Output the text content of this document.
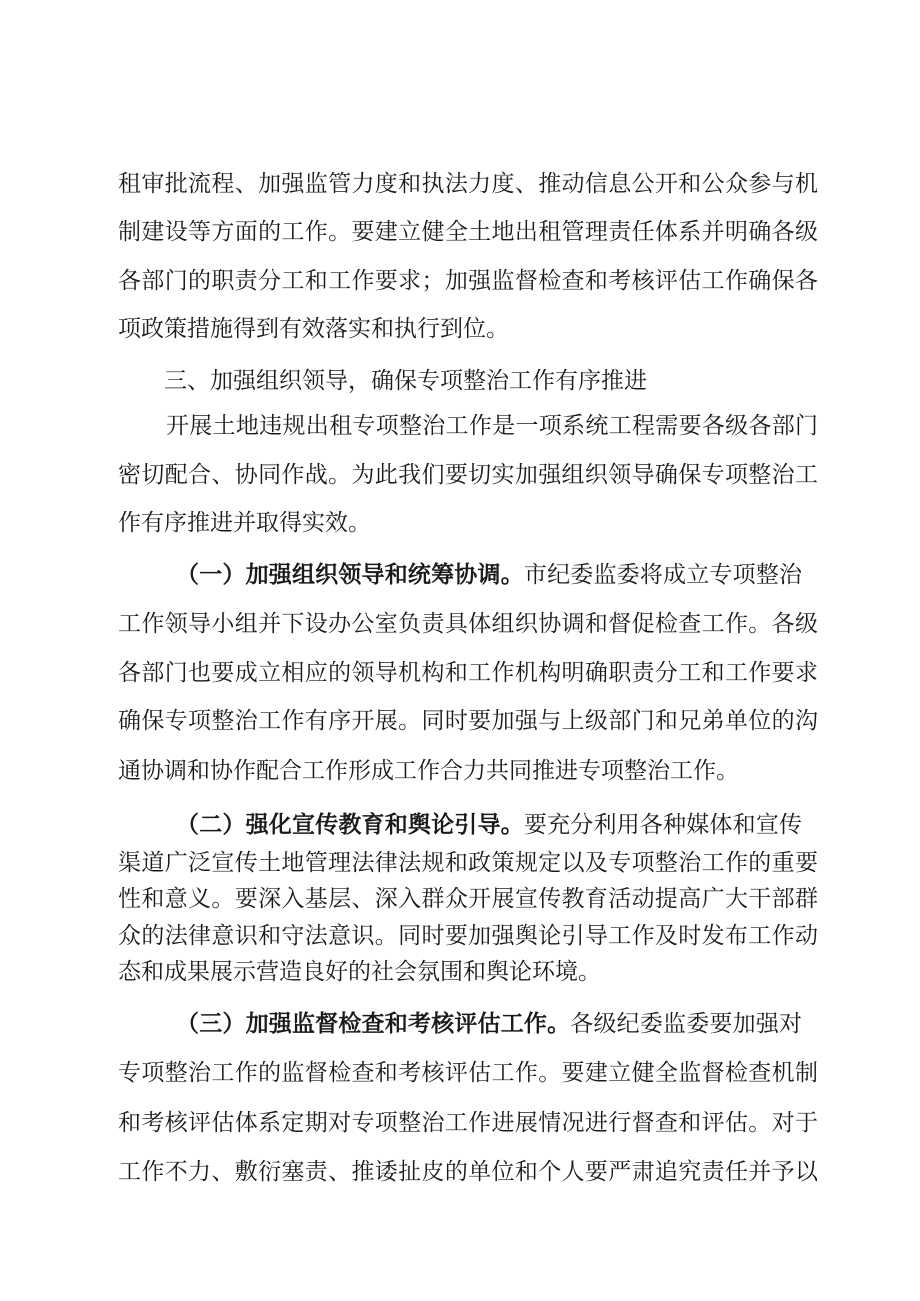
租审批流程、加强监管力度和执法力度、推动信息公开和公众参与机
制建设等方面的工作。要建立健全土地出租管理责任体系并明确各级
各部门的职责分工和工作要求；加强监督检查和考核评估工作确保各
项政策措施得到有效落实和执行到位。
三、加强组织领导，确保专项整治工作有序推进
开展土地违规出租专项整治工作是一项系统工程需要各级各部门
密切配合、协同作战。为此我们要切实加强组织领导确保专项整治工
作有序推进并取得实效。
（一）加强组织领导和统筹协调。市纪委监委将成立专项整治
工作领导小组并下设办公室负责具体组织协调和督促检查工作。各级
各部门也要成立相应的领导机构和工作机构明确职责分工和工作要求
确保专项整治工作有序开展。同时要加强与上级部门和兄弟单位的沟
通协调和协作配合工作形成工作合力共同推进专项整治工作。
（二）强化宣传教育和舆论引导。要充分利用各种媒体和宣传
渠道广泛宣传土地管理法律法规和政策规定以及专项整治工作的重要
性和意义。要深入基层、深入群众开展宣传教育活动提高广大干部群
众的法律意识和守法意识。同时要加强舆论引导工作及时发布工作动
态和成果展示营造良好的社会氛围和舆论环境。
（三）加强监督检查和考核评估工作。各级纪委监委要加强对
专项整治工作的监督检查和考核评估工作。要建立健全监督检查机制
和考核评估体系定期对专项整治工作进展情况进行督查和评估。对于
工作不力、敷衍塞责、推诿扯皮的单位和个人要严肃追究责任并予以
